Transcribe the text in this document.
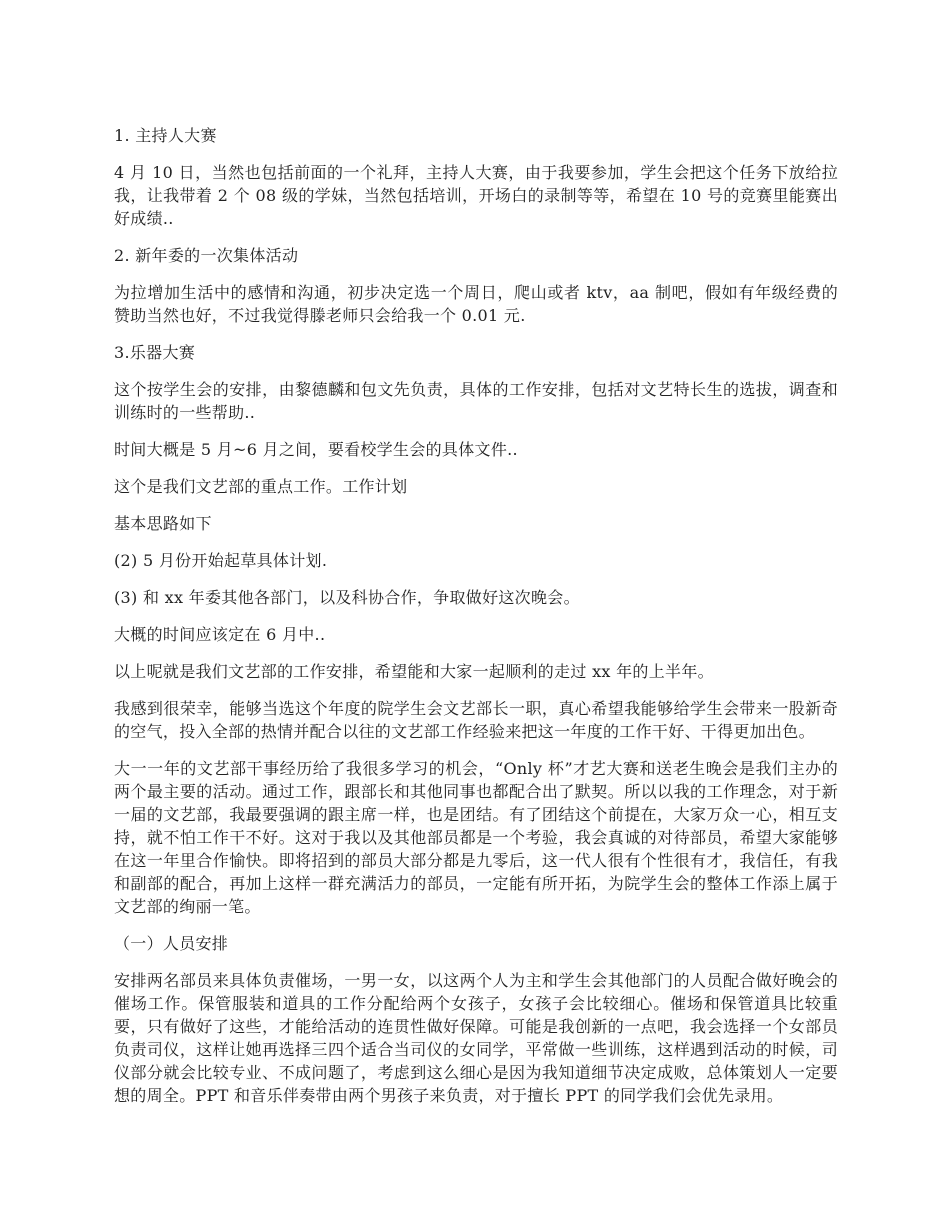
1. 主持人大赛

4 月 10 日，当然也包括前面的一个礼拜，主持人大赛，由于我要参加，学生会把这个任务下放给拉我，让我带着 2 个 08 级的学妹，当然包括培训，开场白的录制等等，希望在 10 号的竞赛里能赛出好成绩..

2. 新年委的一次集体活动

为拉增加生活中的感情和沟通，初步决定选一个周日，爬山或者 ktv，aa 制吧，假如有年级经费的赞助当然也好，不过我觉得滕老师只会给我一个 0.01 元.

3.乐器大赛

这个按学生会的安排，由黎德麟和包文先负责，具体的工作安排，包括对文艺特长生的选拔，调查和训练时的一些帮助..

时间大概是 5 月~6 月之间，要看校学生会的具体文件..

这个是我们文艺部的重点工作。工作计划

基本思路如下

(2) 5 月份开始起草具体计划.

(3) 和 xx 年委其他各部门，以及科协合作，争取做好这次晚会。

大概的时间应该定在 6 月中..

以上呢就是我们文艺部的工作安排，希望能和大家一起顺利的走过 xx 年的上半年。

我感到很荣幸，能够当选这个年度的院学生会文艺部长一职，真心希望我能够给学生会带来一股新奇的空气，投入全部的热情并配合以往的文艺部工作经验来把这一年度的工作干好、干得更加出色。

大一一年的文艺部干事经历给了我很多学习的机会，“Only 杯”才艺大赛和送老生晚会是我们主办的两个最主要的活动。通过工作，跟部长和其他同事也都配合出了默契。所以以我的工作理念，对于新一届的文艺部，我最要强调的跟主席一样，也是团结。有了团结这个前提在，大家万众一心，相互支持，就不怕工作干不好。这对于我以及其他部员都是一个考验，我会真诚的对待部员，希望大家能够在这一年里合作愉快。即将招到的部员大部分都是九零后，这一代人很有个性很有才，我信任，有我和副部的配合，再加上这样一群充满活力的部员，一定能有所开拓，为院学生会的整体工作添上属于文艺部的绚丽一笔。

（一）人员安排

安排两名部员来具体负责催场，一男一女，以这两个人为主和学生会其他部门的人员配合做好晚会的催场工作。保管服装和道具的工作分配给两个女孩子，女孩子会比较细心。催场和保管道具比较重要，只有做好了这些，才能给活动的连贯性做好保障。可能是我创新的一点吧，我会选择一个女部员负责司仪，这样让她再选择三四个适合当司仪的女同学，平常做一些训练，这样遇到活动的时候，司仪部分就会比较专业、不成问题了，考虑到这么细心是因为我知道细节决定成败，总体策划人一定要想的周全。PPT 和音乐伴奏带由两个男孩子来负责，对于擅长 PPT 的同学我们会优先录用。
